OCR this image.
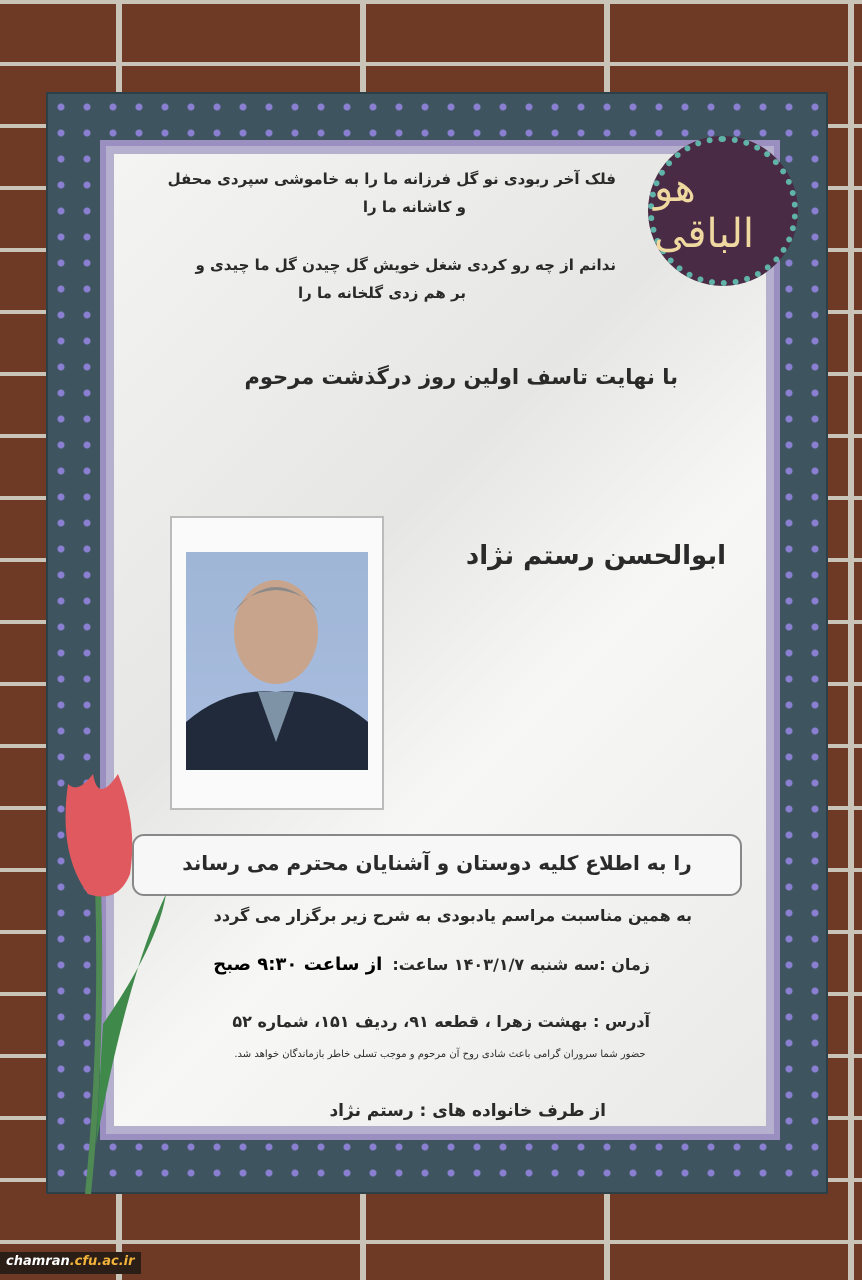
فلک آخر ربودی نو گل فرزانه ما را به خاموشی سپردی محفل
و کاشانه ما را
ندانم از چه رو کردی شغل خویش گل چیدن گل ما چیدی و
بر هم زدی گلخانه ما را
با نهایت تاسف اولین روز درگذشت مرحوم
ابوالحسن رستم نژاد
را به اطلاع کلیه دوستان و آشنایان محترم می رساند
به همین مناسبت مراسم یادبودی به شرح زیر برگزار می گردد
زمان :سه شنبه ۱۴۰۳/۱/۷ ساعت:
از ساعت ۹:۳۰ صبح
آدرس : بهشت زهرا ، قطعه ۹۱، ردیف ۱۵۱، شماره ۵۲
حضور شما سروران گرامی باعث شادی روح آن مرحوم و موجب تسلی خاطر بازماندگان خواهد شد.
از طرف خانواده های : رستم نژاد
هو الباقی
chamran.cfu.ac.ir
